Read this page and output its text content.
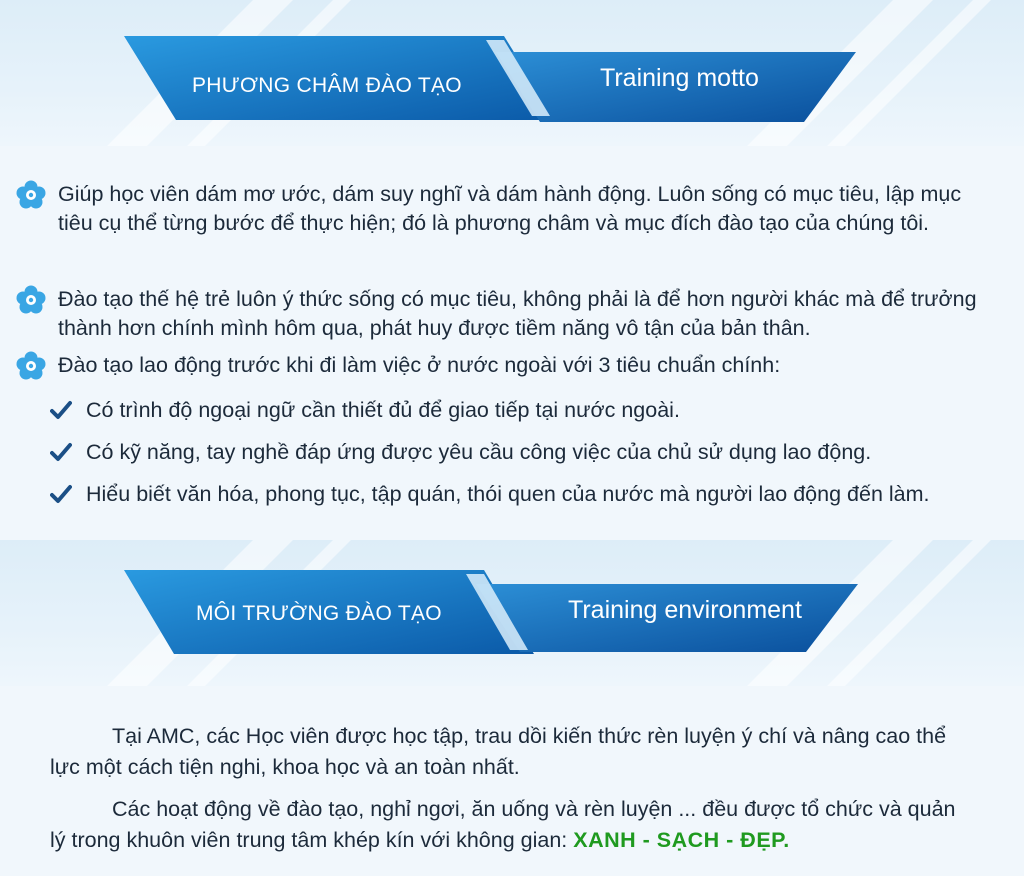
PHƯƠNG CHÂM ĐÀO TẠO	Training motto
Giúp học viên dám mơ ước, dám suy nghĩ và dám hành động. Luôn sống có mục tiêu, lập mục tiêu cụ thể từng bước để thực hiện; đó là phương châm và mục đích đào tạo của chúng tôi.
Đào tạo thế hệ trẻ luôn ý thức sống có mục tiêu, không phải là để hơn người khác mà để trưởng thành hơn chính mình hôm qua, phát huy được tiềm năng vô tận của bản thân.
Đào tạo lao động trước khi đi làm việc ở nước ngoài với 3 tiêu chuẩn chính:
Có trình độ ngoại ngữ cần thiết đủ để giao tiếp tại nước ngoài.
Có kỹ năng, tay nghề đáp ứng được yêu cầu công việc của chủ sử dụng lao động.
Hiểu biết văn hóa, phong tục, tập quán, thói quen của nước mà người lao động đến làm.
MÔI TRƯỜNG ĐÀO TẠO	Training environment
Tại AMC, các Học viên được học tập, trau dồi kiến thức rèn luyện ý chí và nâng cao thể lực một cách tiện nghi, khoa học và an toàn nhất.
Các hoạt động về đào tạo, nghỉ ngơi, ăn uống và rèn luyện ... đều được tổ chức và quản lý trong khuôn viên trung tâm khép kín với không gian: XANH - SẠCH - ĐẸP.
